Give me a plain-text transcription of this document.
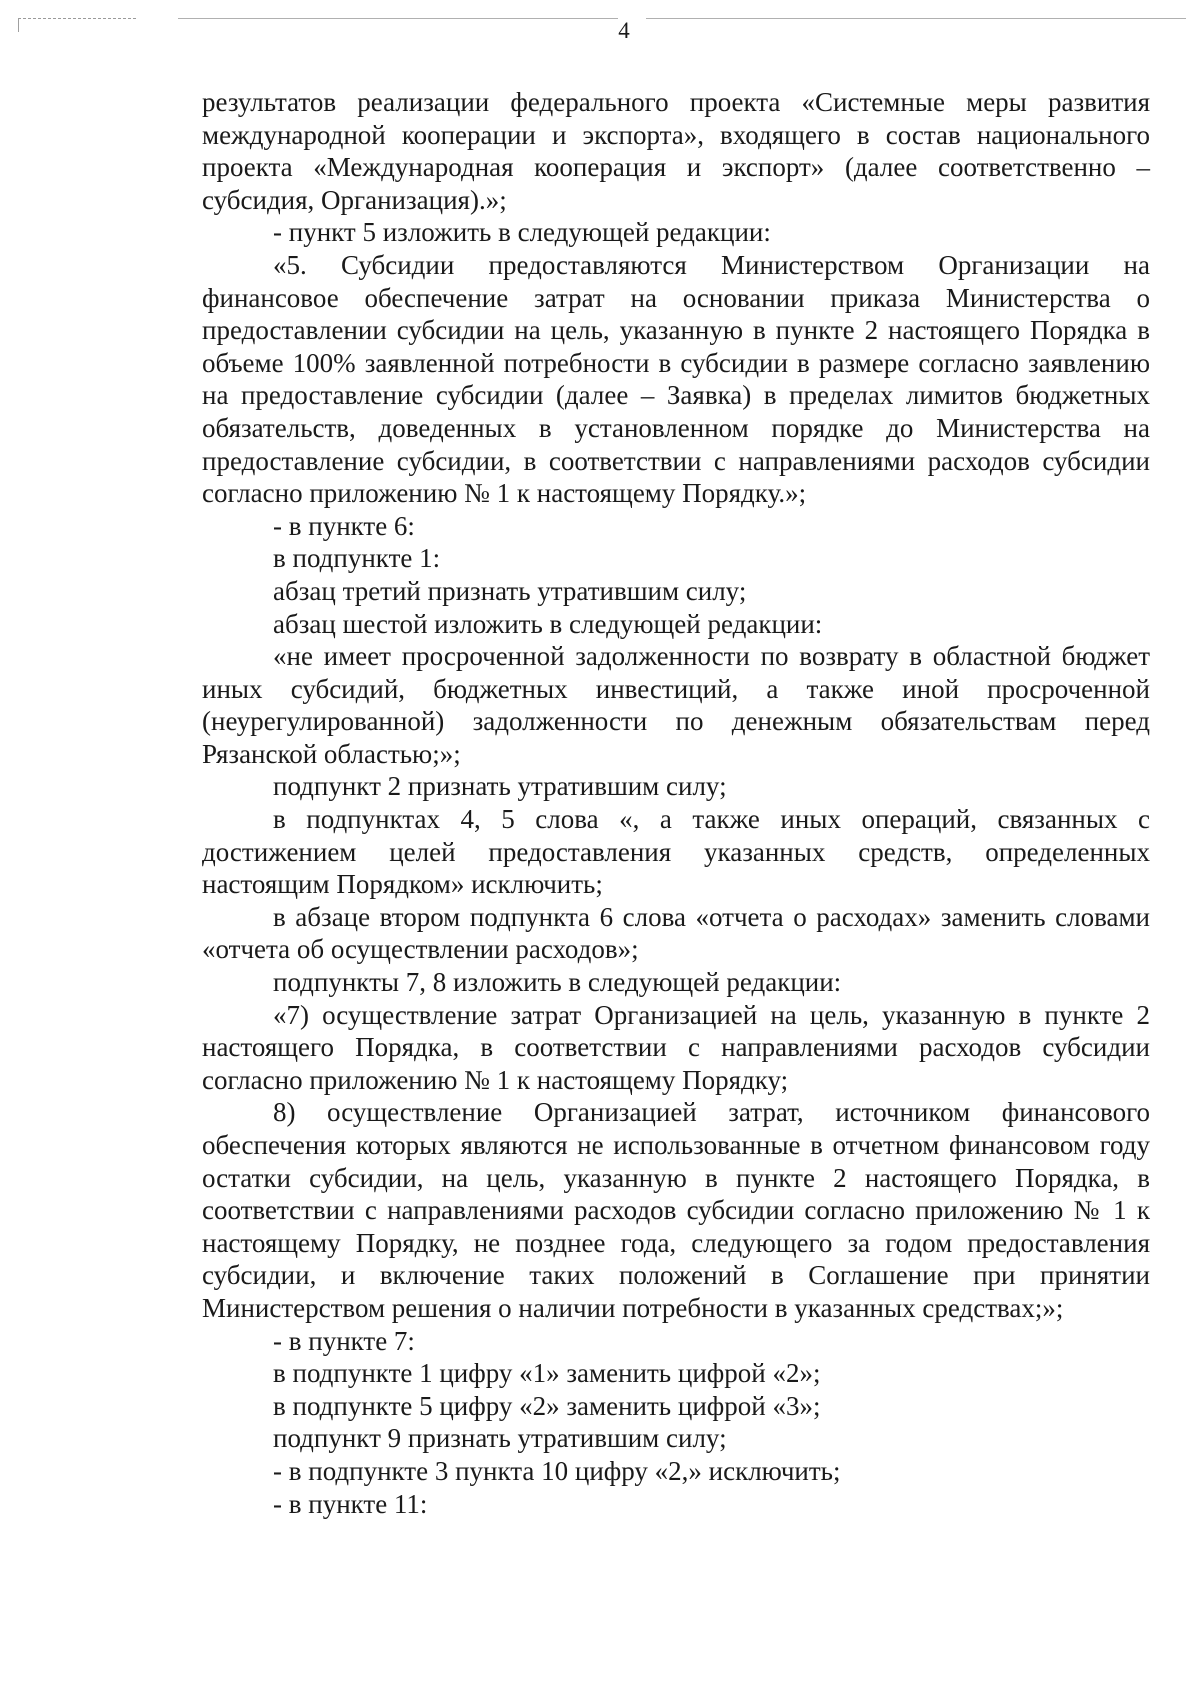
4

результатов реализации федерального проекта «Системные меры развития международной кооперации и экспорта», входящего в состав национального проекта «Международная кооперация и экспорт» (далее соответственно – субсидия, Организация).»;

- пункт 5 изложить в следующей редакции:

«5. Субсидии предоставляются Министерством Организации на финансовое обеспечение затрат на основании приказа Министерства о предоставлении субсидии на цель, указанную в пункте 2 настоящего Порядка в объеме 100% заявленной потребности в субсидии в размере согласно заявлению на предоставление субсидии (далее – Заявка) в пределах лимитов бюджетных обязательств, доведенных в установленном порядке до Министерства на предоставление субсидии, в соответствии с направлениями расходов субсидии согласно приложению № 1 к настоящему Порядку.»;

- в пункте 6:

в подпункте 1:

абзац третий признать утратившим силу;

абзац шестой изложить в следующей редакции:

«не имеет просроченной задолженности по возврату в областной бюджет иных субсидий, бюджетных инвестиций, а также иной просроченной (неурегулированной) задолженности по денежным обязательствам перед Рязанской областью;»;

подпункт 2 признать утратившим силу;

в подпунктах 4, 5 слова «, а также иных операций, связанных с достижением целей предоставления указанных средств, определенных настоящим Порядком» исключить;

в абзаце втором подпункта 6 слова «отчета о расходах» заменить словами «отчета об осуществлении расходов»;

подпункты 7, 8 изложить в следующей редакции:

«7) осуществление затрат Организацией на цель, указанную в пункте 2 настоящего Порядка, в соответствии с направлениями расходов субсидии согласно приложению № 1 к настоящему Порядку;

8) осуществление Организацией затрат, источником финансового обеспечения которых являются не использованные в отчетном финансовом году остатки субсидии, на цель, указанную в пункте 2 настоящего Порядка, в соответствии с направлениями расходов субсидии согласно приложению № 1 к настоящему Порядку, не позднее года, следующего за годом предоставления субсидии, и включение таких положений в Соглашение при принятии Министерством решения о наличии потребности в указанных средствах;»;

- в пункте 7:

в подпункте 1 цифру «1» заменить цифрой «2»;

в подпункте 5 цифру «2» заменить цифрой «3»;

подпункт 9 признать утратившим силу;

- в подпункте 3 пункта 10 цифру «2,» исключить;

- в пункте 11:
